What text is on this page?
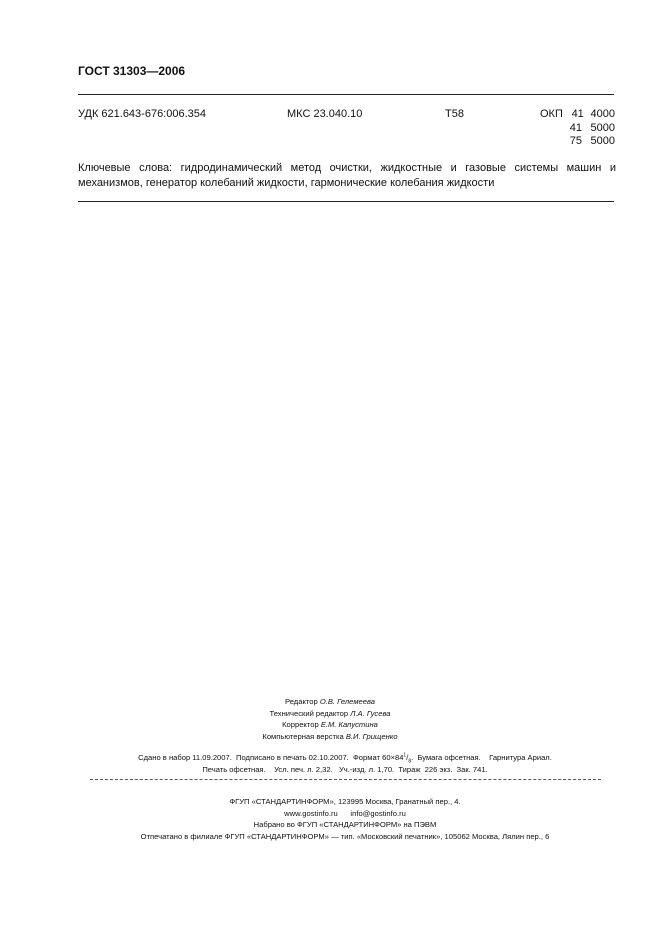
ГОСТ 31303—2006
УДК 621.643-676:006.354	МКС 23.040.10	Т58	ОКП 41 4000
41 5000
75 5000
Ключевые слова: гидродинамический метод очистки, жидкостные и газовые системы машин и механизмов, генератор колебаний жидкости, гармонические колебания жидкости
Редактор О.В. Гелемеева
Технический редактор Л.А. Гусева
Корректор Е.М. Капустина
Компьютерная верстка В.И. Грищенко
Сдано в набор 11.09.2007.  Подписано в печать 02.10.2007.  Формат $60\times 84^1/_8$.  Бумага офсетная.    Гарнитура Ариал.
Печать офсетная.    Усл. печ. л. 2,32.   Уч.-изд. л. 1,70.  Тираж  226 экз.  Зак. 741.
ФГУП «СТАНДАРТИНФОРМ», 123995 Москва, Гранатный пер., 4.
www.gostinfo.ru info@gostinfo.ru
Набрано во ФГУП «СТАНДАРТИНФОРМ» на ПЭВМ
Отпечатано в филиале ФГУП «СТАНДАРТИНФОРМ» — тип. «Московский печатник», 105062 Москва, Лялин пер., 6
